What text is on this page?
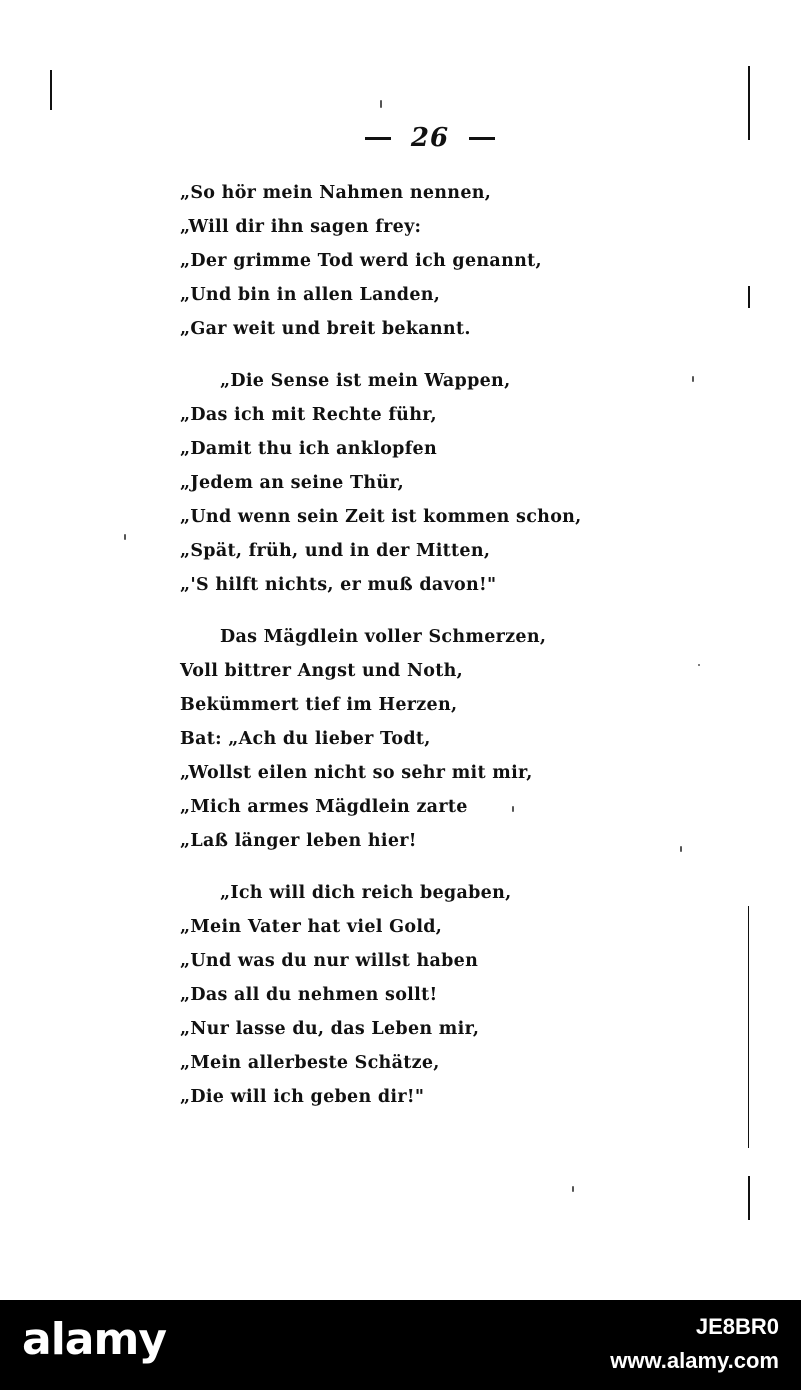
26
„So hör mein Nahmen nennen,
„Will dir ihn sagen frey:
„Der grimme Tod werd ich genannt,
„Und bin in allen Landen,
„Gar weit und breit bekannt.
„Die Sense ist mein Wappen,
„Das ich mit Rechte führ,
„Damit thu ich anklopfen
„Jedem an seine Thür,
„Und wenn sein Zeit ist kommen schon,
„Spät, früh, und in der Mitten,
„'S hilft nichts, er muß davon!"
Das Mägdlein voller Schmerzen,
Voll bittrer Angst und Noth,
Bekümmert tief im Herzen,
Bat: „Ach du lieber Todt,
„Wollst eilen nicht so sehr mit mir,
„Mich armes Mägdlein zarte
„Laß länger leben hier!
„Ich will dich reich begaben,
„Mein Vater hat viel Gold,
„Und was du nur willst haben
„Das all du nehmen sollt!
„Nur lasse du, das Leben mir,
„Mein allerbeste Schätze,
„Die will ich geben dir!"
alamy	JE8BR0
www.alamy.com
